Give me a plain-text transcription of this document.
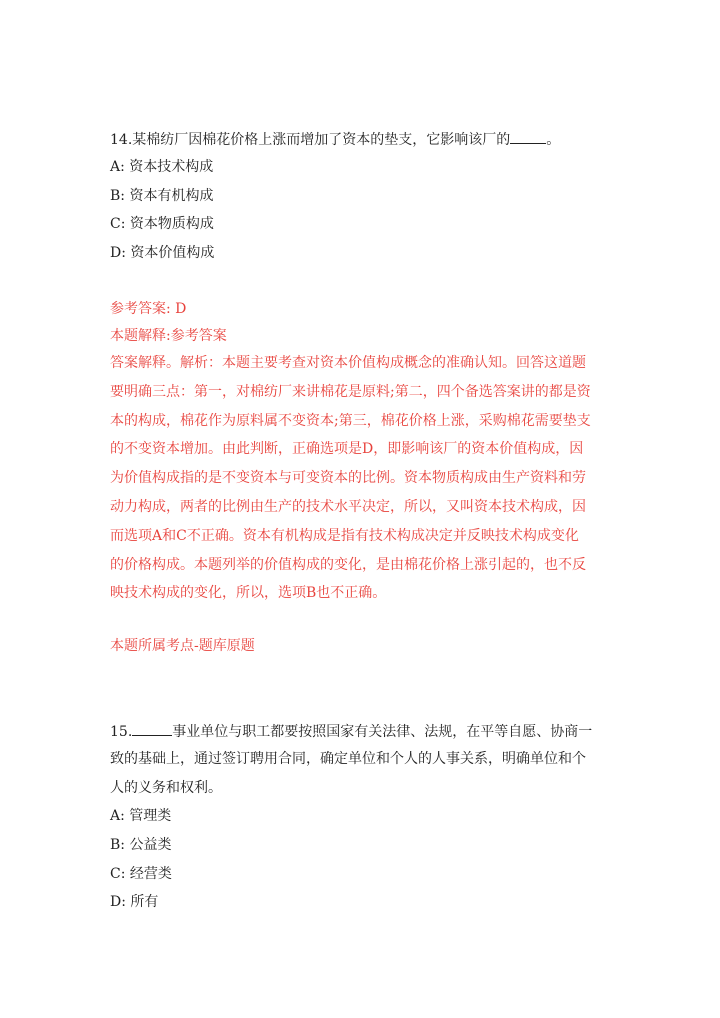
14.某棉纺厂因棉花价格上涨而增加了资本的垫支，它影响该厂的	。
A: 资本技术构成
B: 资本有机构成
C: 资本物质构成
D: 资本价值构成
参考答案: D
本题解释:参考答案
答案解释。解析：本题主要考查对资本价值构成概念的准确认知。回答这道题
要明确三点：第一，对棉纺厂来讲棉花是原料;第二，四个备选答案讲的都是资
本的构成，棉花作为原料属不变资本;第三，棉花价格上涨，采购棉花需要垫支
的不变资本增加。由此判断，正确选项是D，即影响该厂的资本价值构成，因
为价值构成指的是不变资本与可变资本的比例。资本物质构成由生产资料和劳
动力构成，两者的比例由生产的技术水平决定，所以，又叫资本技术构成，因
而选项A和C不正确。资本有机构成是指有技术构成决定并反映技术构成变化
的价格构成。本题列举的价值构成的变化，是由棉花价格上涨引起的，也不反
映技术构成的变化，所以，选项B也不正确。
本题所属考点-题库原题
15.	事业单位与职工都要按照国家有关法律、法规，在平等自愿、协商一
致的基础上，通过签订聘用合同，确定单位和个人的人事关系，明确单位和个
人的义务和权利。
A: 管理类
B: 公益类
C: 经营类
D: 所有
